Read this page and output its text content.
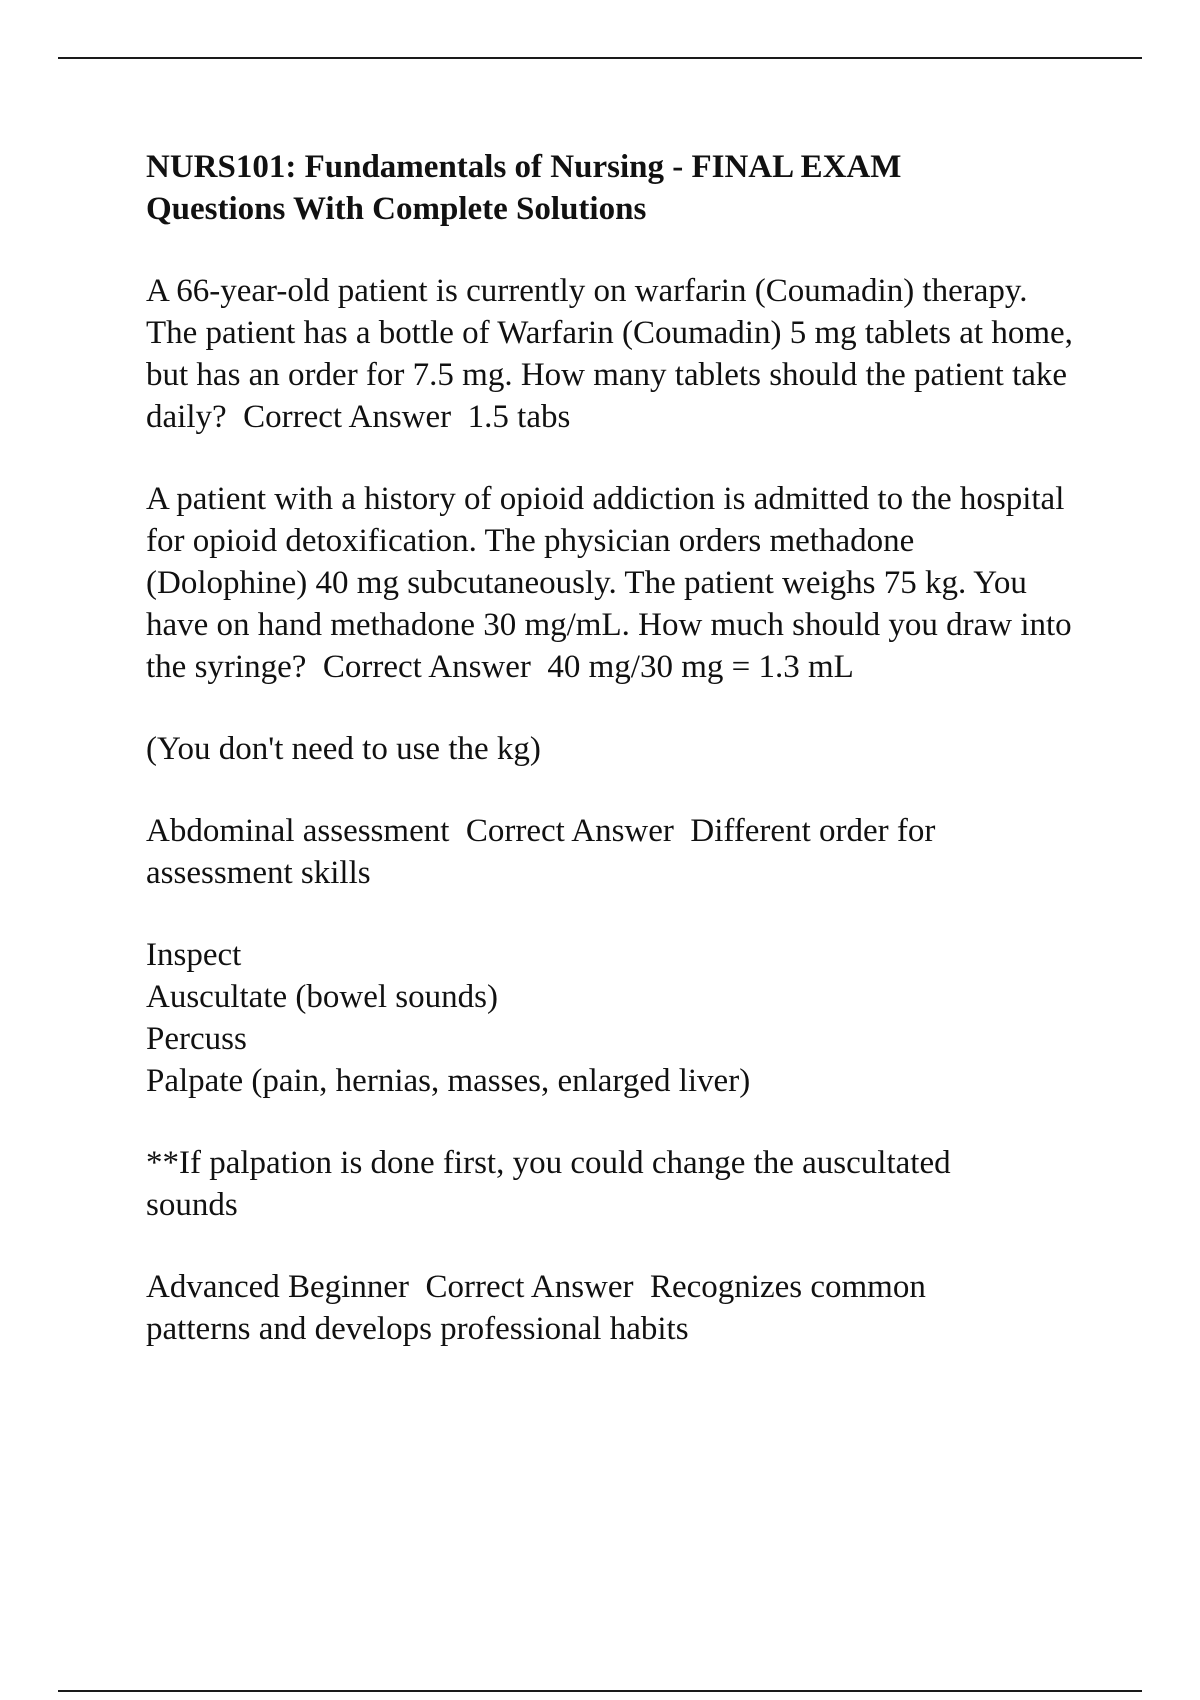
NURS101: Fundamentals of Nursing - FINAL EXAM Questions With Complete Solutions
A 66-year-old patient is currently on warfarin (Coumadin) therapy. The patient has a bottle of Warfarin (Coumadin) 5 mg tablets at home, but has an order for 7.5 mg. How many tablets should the patient take daily?  Correct Answer  1.5 tabs
A patient with a history of opioid addiction is admitted to the hospital for opioid detoxification. The physician orders methadone (Dolophine) 40 mg subcutaneously. The patient weighs 75 kg. You have on hand methadone 30 mg/mL. How much should you draw into the syringe?  Correct Answer  40 mg/30 mg = 1.3 mL
(You don't need to use the kg)
Abdominal assessment  Correct Answer  Different order for assessment skills
Inspect
Auscultate (bowel sounds)
Percuss
Palpate (pain, hernias, masses, enlarged liver)
**If palpation is done first, you could change the auscultated sounds
Advanced Beginner  Correct Answer  Recognizes common patterns and develops professional habits
